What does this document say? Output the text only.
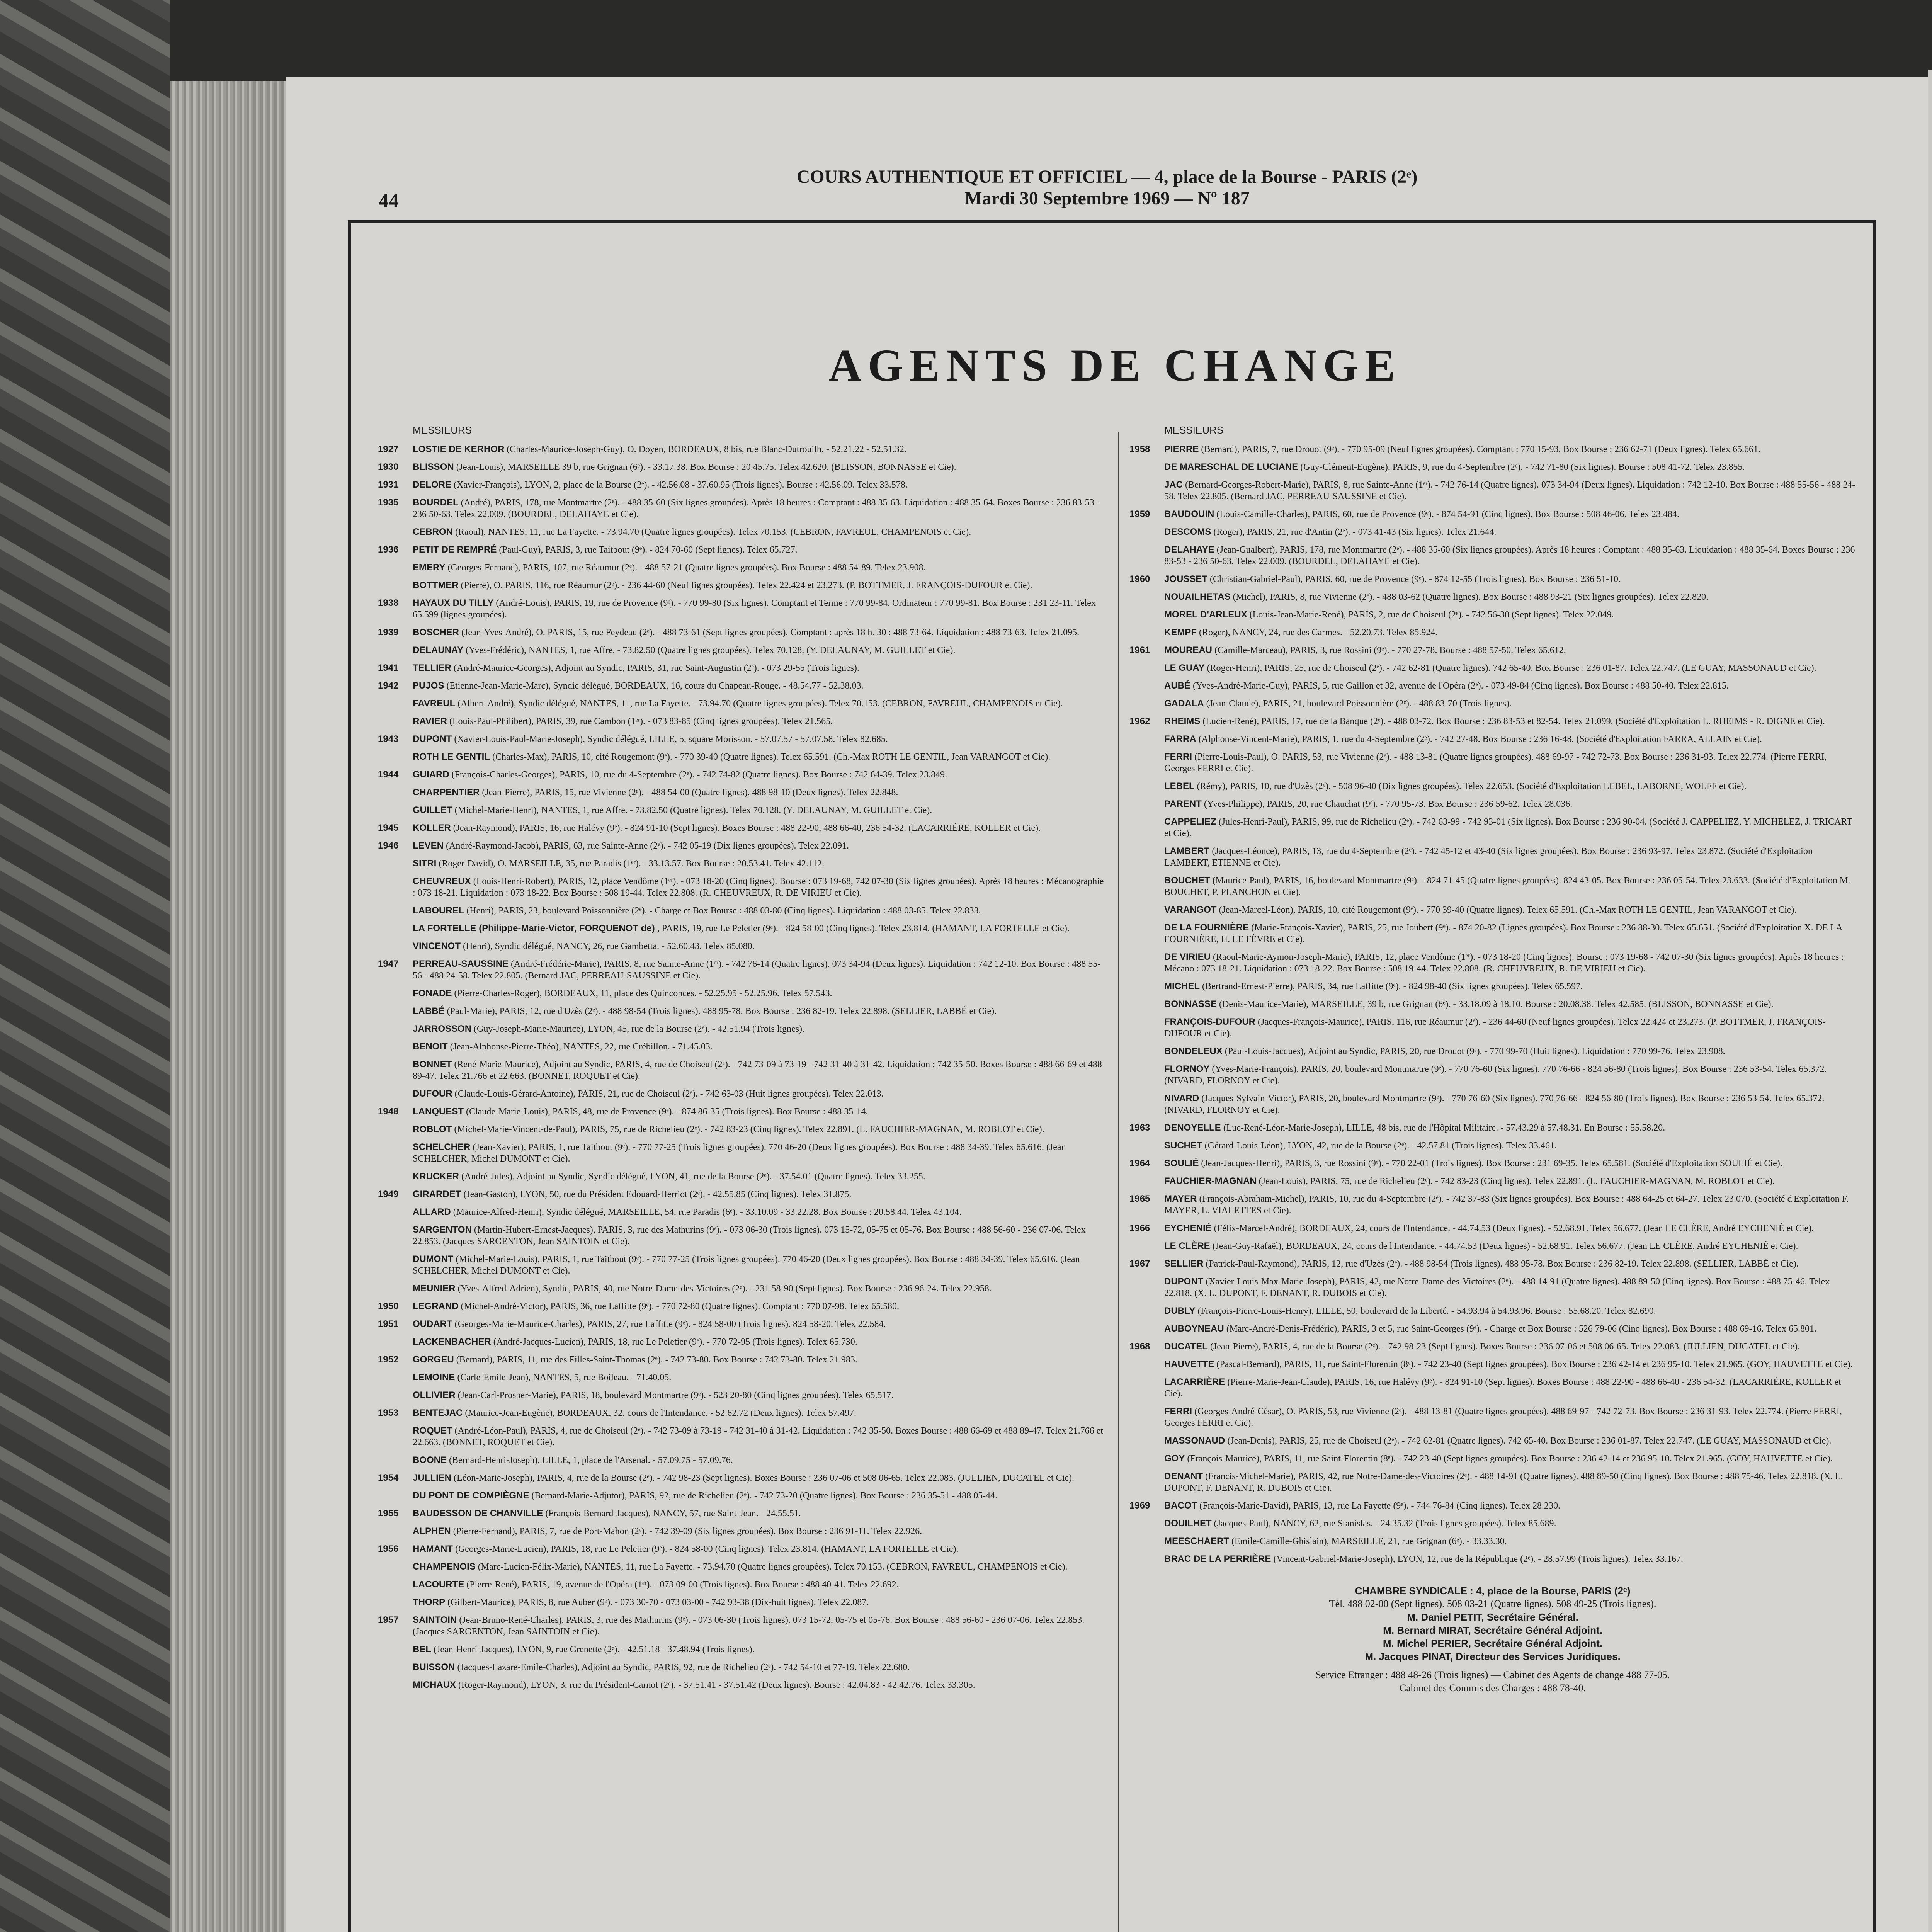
COURS AUTHENTIQUE ET OFFICIEL — 4, place de la Bourse - PARIS (2ᵉ)
Mardi 30 Septembre 1969 — Nº 187
44
AGENTS DE CHANGE
MESSIEURS
1927	LOSTIE DE KERHOR (Charles-Maurice-Joseph-Guy), O. Doyen, BORDEAUX, 8 bis, rue Blanc-Dutrouilh. - 52.21.22 - 52.51.32.
1930	BLISSON (Jean-Louis), MARSEILLE 39 b, rue Grignan (6ᵉ). - 33.17.38. Box Bourse : 20.45.75. Telex 42.620. (BLISSON, BONNASSE et Cie).
1931	DELORE (Xavier-François), LYON, 2, place de la Bourse (2ᵉ). - 42.56.08 - 37.60.95 (Trois lignes). Bourse : 42.56.09. Telex 33.578.
1935	BOURDEL (André), PARIS, 178, rue Montmartre (2ᵉ). - 488 35-60 (Six lignes groupées). Après 18 heures : Comptant : 488 35-63. Liquidation : 488 35-64. Boxes Bourse : 236 83-53 - 236 50-63. Telex 22.009. (BOURDEL, DELAHAYE et Cie).
CEBRON (Raoul), NANTES, 11, rue La Fayette. - 73.94.70 (Quatre lignes groupées). Telex 70.153. (CEBRON, FAVREUL, CHAMPENOIS et Cie).
1936	PETIT DE REMPRÉ (Paul-Guy), PARIS, 3, rue Taitbout (9ᵉ). - 824 70-60 (Sept lignes). Telex 65.727.
EMERY (Georges-Fernand), PARIS, 107, rue Réaumur (2ᵉ). - 488 57-21 (Quatre lignes groupées). Box Bourse : 488 54-89. Telex 23.908.
BOTTMER (Pierre), O. PARIS, 116, rue Réaumur (2ᵉ). - 236 44-60 (Neuf lignes groupées). Telex 22.424 et 23.273. (P. BOTTMER, J. FRANÇOIS-DUFOUR et Cie).
1938	HAYAUX DU TILLY (André-Louis), PARIS, 19, rue de Provence (9ᵉ). - 770 99-80 (Six lignes). Comptant et Terme : 770 99-84. Ordinateur : 770 99-81. Box Bourse : 231 23-11. Telex 65.599 (lignes groupées).
1939	BOSCHER (Jean-Yves-André), O. PARIS, 15, rue Feydeau (2ᵉ). - 488 73-61 (Sept lignes groupées). Comptant : après 18 h. 30 : 488 73-64. Liquidation : 488 73-63. Telex 21.095.
DELAUNAY (Yves-Frédéric), NANTES, 1, rue Affre. - 73.82.50 (Quatre lignes groupées). Telex 70.128. (Y. DELAUNAY, M. GUILLET et Cie).
1941	TELLIER (André-Maurice-Georges), Adjoint au Syndic, PARIS, 31, rue Saint-Augustin (2ᵉ). - 073 29-55 (Trois lignes).
1942	PUJOS (Etienne-Jean-Marie-Marc), Syndic délégué, BORDEAUX, 16, cours du Chapeau-Rouge. - 48.54.77 - 52.38.03.
FAVREUL (Albert-André), Syndic délégué, NANTES, 11, rue La Fayette. - 73.94.70 (Quatre lignes groupées). Telex 70.153. (CEBRON, FAVREUL, CHAMPENOIS et Cie).
RAVIER (Louis-Paul-Philibert), PARIS, 39, rue Cambon (1ᵉʳ). - 073 83-85 (Cinq lignes groupées). Telex 21.565.
1943	DUPONT (Xavier-Louis-Paul-Marie-Joseph), Syndic délégué, LILLE, 5, square Morisson. - 57.07.57 - 57.07.58. Telex 82.685.
ROTH LE GENTIL (Charles-Max), PARIS, 10, cité Rougemont (9ᵉ). - 770 39-40 (Quatre lignes). Telex 65.591. (Ch.-Max ROTH LE GENTIL, Jean VARANGOT et Cie).
1944	GUIARD (François-Charles-Georges), PARIS, 10, rue du 4-Septembre (2ᵉ). - 742 74-82 (Quatre lignes). Box Bourse : 742 64-39. Telex 23.849.
CHARPENTIER (Jean-Pierre), PARIS, 15, rue Vivienne (2ᵉ). - 488 54-00 (Quatre lignes). 488 98-10 (Deux lignes). Telex 22.848.
GUILLET (Michel-Marie-Henri), NANTES, 1, rue Affre. - 73.82.50 (Quatre lignes). Telex 70.128. (Y. DELAUNAY, M. GUILLET et Cie).
1945	KOLLER (Jean-Raymond), PARIS, 16, rue Halévy (9ᵉ). - 824 91-10 (Sept lignes). Boxes Bourse : 488 22-90, 488 66-40, 236 54-32. (LACARRIÈRE, KOLLER et Cie).
1946	LEVEN (André-Raymond-Jacob), PARIS, 63, rue Sainte-Anne (2ᵉ). - 742 05-19 (Dix lignes groupées). Telex 22.091.
SITRI (Roger-David), O. MARSEILLE, 35, rue Paradis (1ᵉʳ). - 33.13.57. Box Bourse : 20.53.41. Telex 42.112.
CHEUVREUX (Louis-Henri-Robert), PARIS, 12, place Vendôme (1ᵉʳ). - 073 18-20 (Cinq lignes). Bourse : 073 19-68, 742 07-30 (Six lignes groupées). Après 18 heures : Mécanographie : 073 18-21. Liquidation : 073 18-22. Box Bourse : 508 19-44. Telex 22.808. (R. CHEUVREUX, R. DE VIRIEU et Cie).
LABOUREL (Henri), PARIS, 23, boulevard Poissonnière (2ᵉ). - Charge et Box Bourse : 488 03-80 (Cinq lignes). Liquidation : 488 03-85. Telex 22.833.
LA FORTELLE (Philippe-Marie-Victor, FORQUENOT de) , PARIS, 19, rue Le Peletier (9ᵉ). - 824 58-00 (Cinq lignes). Telex 23.814. (HAMANT, LA FORTELLE et Cie).
VINCENOT (Henri), Syndic délégué, NANCY, 26, rue Gambetta. - 52.60.43. Telex 85.080.
1947	PERREAU-SAUSSINE (André-Frédéric-Marie), PARIS, 8, rue Sainte-Anne (1ᵉʳ). - 742 76-14 (Quatre lignes). 073 34-94 (Deux lignes). Liquidation : 742 12-10. Box Bourse : 488 55-56 - 488 24-58. Telex 22.805. (Bernard JAC, PERREAU-SAUSSINE et Cie).
FONADE (Pierre-Charles-Roger), BORDEAUX, 11, place des Quinconces. - 52.25.95 - 52.25.96. Telex 57.543.
LABBÉ (Paul-Marie), PARIS, 12, rue d'Uzès (2ᵉ). - 488 98-54 (Trois lignes). 488 95-78. Box Bourse : 236 82-19. Telex 22.898. (SELLIER, LABBÉ et Cie).
JARROSSON (Guy-Joseph-Marie-Maurice), LYON, 45, rue de la Bourse (2ᵉ). - 42.51.94 (Trois lignes).
BENOIT (Jean-Alphonse-Pierre-Théo), NANTES, 22, rue Crébillon. - 71.45.03.
BONNET (René-Marie-Maurice), Adjoint au Syndic, PARIS, 4, rue de Choiseul (2ᵉ). - 742 73-09 à 73-19 - 742 31-40 à 31-42. Liquidation : 742 35-50. Boxes Bourse : 488 66-69 et 488 89-47. Telex 21.766 et 22.663. (BONNET, ROQUET et Cie).
DUFOUR (Claude-Louis-Gérard-Antoine), PARIS, 21, rue de Choiseul (2ᵉ). - 742 63-03 (Huit lignes groupées). Telex 22.013.
1948	LANQUEST (Claude-Marie-Louis), PARIS, 48, rue de Provence (9ᵉ). - 874 86-35 (Trois lignes). Box Bourse : 488 35-14.
ROBLOT (Michel-Marie-Vincent-de-Paul), PARIS, 75, rue de Richelieu (2ᵉ). - 742 83-23 (Cinq lignes). Telex 22.891. (L. FAUCHIER-MAGNAN, M. ROBLOT et Cie).
SCHELCHER (Jean-Xavier), PARIS, 1, rue Taitbout (9ᵉ). - 770 77-25 (Trois lignes groupées). 770 46-20 (Deux lignes groupées). Box Bourse : 488 34-39. Telex 65.616. (Jean SCHELCHER, Michel DUMONT et Cie).
KRUCKER (André-Jules), Adjoint au Syndic, Syndic délégué, LYON, 41, rue de la Bourse (2ᵉ). - 37.54.01 (Quatre lignes). Telex 33.255.
1949	GIRARDET (Jean-Gaston), LYON, 50, rue du Président Edouard-Herriot (2ᵉ). - 42.55.85 (Cinq lignes). Telex 31.875.
ALLARD (Maurice-Alfred-Henri), Syndic délégué, MARSEILLE, 54, rue Paradis (6ᵉ). - 33.10.09 - 33.22.28. Box Bourse : 20.58.44. Telex 43.104.
SARGENTON (Martin-Hubert-Ernest-Jacques), PARIS, 3, rue des Mathurins (9ᵉ). - 073 06-30 (Trois lignes). 073 15-72, 05-75 et 05-76. Box Bourse : 488 56-60 - 236 07-06. Telex 22.853. (Jacques SARGENTON, Jean SAINTOIN et Cie).
DUMONT (Michel-Marie-Louis), PARIS, 1, rue Taitbout (9ᵉ). - 770 77-25 (Trois lignes groupées). 770 46-20 (Deux lignes groupées). Box Bourse : 488 34-39. Telex 65.616. (Jean SCHELCHER, Michel DUMONT et Cie).
MEUNIER (Yves-Alfred-Adrien), Syndic, PARIS, 40, rue Notre-Dame-des-Victoires (2ᵉ). - 231 58-90 (Sept lignes). Box Bourse : 236 96-24. Telex 22.958.
1950	LEGRAND (Michel-André-Victor), PARIS, 36, rue Laffitte (9ᵉ). - 770 72-80 (Quatre lignes). Comptant : 770 07-98. Telex 65.580.
1951	OUDART (Georges-Marie-Maurice-Charles), PARIS, 27, rue Laffitte (9ᵉ). - 824 58-00 (Trois lignes). 824 58-20. Telex 22.584.
LACKENBACHER (André-Jacques-Lucien), PARIS, 18, rue Le Peletier (9ᵉ). - 770 72-95 (Trois lignes). Telex 65.730.
1952	GORGEU (Bernard), PARIS, 11, rue des Filles-Saint-Thomas (2ᵉ). - 742 73-80. Box Bourse : 742 73-80. Telex 21.983.
LEMOINE (Carle-Emile-Jean), NANTES, 5, rue Boileau. - 71.40.05.
OLLIVIER (Jean-Carl-Prosper-Marie), PARIS, 18, boulevard Montmartre (9ᵉ). - 523 20-80 (Cinq lignes groupées). Telex 65.517.
1953	BENTEJAC (Maurice-Jean-Eugène), BORDEAUX, 32, cours de l'Intendance. - 52.62.72 (Deux lignes). Telex 57.497.
ROQUET (André-Léon-Paul), PARIS, 4, rue de Choiseul (2ᵉ). - 742 73-09 à 73-19 - 742 31-40 à 31-42. Liquidation : 742 35-50. Boxes Bourse : 488 66-69 et 488 89-47. Telex 21.766 et 22.663. (BONNET, ROQUET et Cie).
BOONE (Bernard-Henri-Joseph), LILLE, 1, place de l'Arsenal. - 57.09.75 - 57.09.76.
1954	JULLIEN (Léon-Marie-Joseph), PARIS, 4, rue de la Bourse (2ᵉ). - 742 98-23 (Sept lignes). Boxes Bourse : 236 07-06 et 508 06-65. Telex 22.083. (JULLIEN, DUCATEL et Cie).
DU PONT DE COMPIÈGNE (Bernard-Marie-Adjutor), PARIS, 92, rue de Richelieu (2ᵉ). - 742 73-20 (Quatre lignes). Box Bourse : 236 35-51 - 488 05-44.
1955	BAUDESSON DE CHANVILLE (François-Bernard-Jacques), NANCY, 57, rue Saint-Jean. - 24.55.51.
ALPHEN (Pierre-Fernand), PARIS, 7, rue de Port-Mahon (2ᵉ). - 742 39-09 (Six lignes groupées). Box Bourse : 236 91-11. Telex 22.926.
1956	HAMANT (Georges-Marie-Lucien), PARIS, 18, rue Le Peletier (9ᵉ). - 824 58-00 (Cinq lignes). Telex 23.814. (HAMANT, LA FORTELLE et Cie).
CHAMPENOIS (Marc-Lucien-Félix-Marie), NANTES, 11, rue La Fayette. - 73.94.70 (Quatre lignes groupées). Telex 70.153. (CEBRON, FAVREUL, CHAMPENOIS et Cie).
LACOURTE (Pierre-René), PARIS, 19, avenue de l'Opéra (1ᵉʳ). - 073 09-00 (Trois lignes). Box Bourse : 488 40-41. Telex 22.692.
THORP (Gilbert-Maurice), PARIS, 8, rue Auber (9ᵉ). - 073 30-70 - 073 03-00 - 742 93-38 (Dix-huit lignes). Telex 22.087.
1957	SAINTOIN (Jean-Bruno-René-Charles), PARIS, 3, rue des Mathurins (9ᵉ). - 073 06-30 (Trois lignes). 073 15-72, 05-75 et 05-76. Box Bourse : 488 56-60 - 236 07-06. Telex 22.853. (Jacques SARGENTON, Jean SAINTOIN et Cie).
BEL (Jean-Henri-Jacques), LYON, 9, rue Grenette (2ᵉ). - 42.51.18 - 37.48.94 (Trois lignes).
BUISSON (Jacques-Lazare-Emile-Charles), Adjoint au Syndic, PARIS, 92, rue de Richelieu (2ᵉ). - 742 54-10 et 77-19. Telex 22.680.
MICHAUX (Roger-Raymond), LYON, 3, rue du Président-Carnot (2ᵉ). - 37.51.41 - 37.51.42 (Deux lignes). Bourse : 42.04.83 - 42.42.76. Telex 33.305.
MESSIEURS
1958	PIERRE (Bernard), PARIS, 7, rue Drouot (9ᵉ). - 770 95-09 (Neuf lignes groupées). Comptant : 770 15-93. Box Bourse : 236 62-71 (Deux lignes). Telex 65.661.
DE MARESCHAL DE LUCIANE (Guy-Clément-Eugène), PARIS, 9, rue du 4-Septembre (2ᵉ). - 742 71-80 (Six lignes). Bourse : 508 41-72. Telex 23.855.
JAC (Bernard-Georges-Robert-Marie), PARIS, 8, rue Sainte-Anne (1ᵉʳ). - 742 76-14 (Quatre lignes). 073 34-94 (Deux lignes). Liquidation : 742 12-10. Box Bourse : 488 55-56 - 488 24-58. Telex 22.805. (Bernard JAC, PERREAU-SAUSSINE et Cie).
1959	BAUDOUIN (Louis-Camille-Charles), PARIS, 60, rue de Provence (9ᵉ). - 874 54-91 (Cinq lignes). Box Bourse : 508 46-06. Telex 23.484.
DESCOMS (Roger), PARIS, 21, rue d'Antin (2ᵉ). - 073 41-43 (Six lignes). Telex 21.644.
DELAHAYE (Jean-Gualbert), PARIS, 178, rue Montmartre (2ᵉ). - 488 35-60 (Six lignes groupées). Après 18 heures : Comptant : 488 35-63. Liquidation : 488 35-64. Boxes Bourse : 236 83-53 - 236 50-63. Telex 22.009. (BOURDEL, DELAHAYE et Cie).
1960	JOUSSET (Christian-Gabriel-Paul), PARIS, 60, rue de Provence (9ᵉ). - 874 12-55 (Trois lignes). Box Bourse : 236 51-10.
NOUAILHETAS (Michel), PARIS, 8, rue Vivienne (2ᵉ). - 488 03-62 (Quatre lignes). Box Bourse : 488 93-21 (Six lignes groupées). Telex 22.820.
MOREL D'ARLEUX (Louis-Jean-Marie-René), PARIS, 2, rue de Choiseul (2ᵉ). - 742 56-30 (Sept lignes). Telex 22.049.
KEMPF (Roger), NANCY, 24, rue des Carmes. - 52.20.73. Telex 85.924.
1961	MOUREAU (Camille-Marceau), PARIS, 3, rue Rossini (9ᵉ). - 770 27-78. Bourse : 488 57-50. Telex 65.612.
LE GUAY (Roger-Henri), PARIS, 25, rue de Choiseul (2ᵉ). - 742 62-81 (Quatre lignes). 742 65-40. Box Bourse : 236 01-87. Telex 22.747. (LE GUAY, MASSONAUD et Cie).
AUBÉ (Yves-André-Marie-Guy), PARIS, 5, rue Gaillon et 32, avenue de l'Opéra (2ᵉ). - 073 49-84 (Cinq lignes). Box Bourse : 488 50-40. Telex 22.815.
GADALA (Jean-Claude), PARIS, 21, boulevard Poissonnière (2ᵉ). - 488 83-70 (Trois lignes).
1962	RHEIMS (Lucien-René), PARIS, 17, rue de la Banque (2ᵉ). - 488 03-72. Box Bourse : 236 83-53 et 82-54. Telex 21.099. (Société d'Exploitation L. RHEIMS - R. DIGNE et Cie).
FARRA (Alphonse-Vincent-Marie), PARIS, 1, rue du 4-Septembre (2ᵉ). - 742 27-48. Box Bourse : 236 16-48. (Société d'Exploitation FARRA, ALLAIN et Cie).
FERRI (Pierre-Louis-Paul), O. PARIS, 53, rue Vivienne (2ᵉ). - 488 13-81 (Quatre lignes groupées). 488 69-97 - 742 72-73. Box Bourse : 236 31-93. Telex 22.774. (Pierre FERRI, Georges FERRI et Cie).
LEBEL (Rémy), PARIS, 10, rue d'Uzès (2ᵉ). - 508 96-40 (Dix lignes groupées). Telex 22.653. (Société d'Exploitation LEBEL, LABORNE, WOLFF et Cie).
PARENT (Yves-Philippe), PARIS, 20, rue Chauchat (9ᵉ). - 770 95-73. Box Bourse : 236 59-62. Telex 28.036.
CAPPELIEZ (Jules-Henri-Paul), PARIS, 99, rue de Richelieu (2ᵉ). - 742 63-99 - 742 93-01 (Six lignes). Box Bourse : 236 90-04. (Société J. CAPPELIEZ, Y. MICHELEZ, J. TRICART et Cie).
LAMBERT (Jacques-Léonce), PARIS, 13, rue du 4-Septembre (2ᵉ). - 742 45-12 et 43-40 (Six lignes groupées). Box Bourse : 236 93-97. Telex 23.872. (Société d'Exploitation LAMBERT, ETIENNE et Cie).
BOUCHET (Maurice-Paul), PARIS, 16, boulevard Montmartre (9ᵉ). - 824 71-45 (Quatre lignes groupées). 824 43-05. Box Bourse : 236 05-54. Telex 23.633. (Société d'Exploitation M. BOUCHET, P. PLANCHON et Cie).
VARANGOT (Jean-Marcel-Léon), PARIS, 10, cité Rougemont (9ᵉ). - 770 39-40 (Quatre lignes). Telex 65.591. (Ch.-Max ROTH LE GENTIL, Jean VARANGOT et Cie).
DE LA FOURNIÈRE (Marie-François-Xavier), PARIS, 25, rue Joubert (9ᵉ). - 874 20-82 (Lignes groupées). Box Bourse : 236 88-30. Telex 65.651. (Société d'Exploitation X. DE LA FOURNIÈRE, H. LE FÈVRE et Cie).
DE VIRIEU (Raoul-Marie-Aymon-Joseph-Marie), PARIS, 12, place Vendôme (1ᵉʳ). - 073 18-20 (Cinq lignes). Bourse : 073 19-68 - 742 07-30 (Six lignes groupées). Après 18 heures : Mécano : 073 18-21. Liquidation : 073 18-22. Box Bourse : 508 19-44. Telex 22.808. (R. CHEUVREUX, R. DE VIRIEU et Cie).
MICHEL (Bertrand-Ernest-Pierre), PARIS, 34, rue Laffitte (9ᵉ). - 824 98-40 (Six lignes groupées). Telex 65.597.
BONNASSE (Denis-Maurice-Marie), MARSEILLE, 39 b, rue Grignan (6ᵉ). - 33.18.09 à 18.10. Bourse : 20.08.38. Telex 42.585. (BLISSON, BONNASSE et Cie).
FRANÇOIS-DUFOUR (Jacques-François-Maurice), PARIS, 116, rue Réaumur (2ᵉ). - 236 44-60 (Neuf lignes groupées). Telex 22.424 et 23.273. (P. BOTTMER, J. FRANÇOIS-DUFOUR et Cie).
BONDELEUX (Paul-Louis-Jacques), Adjoint au Syndic, PARIS, 20, rue Drouot (9ᵉ). - 770 99-70 (Huit lignes). Liquidation : 770 99-76. Telex 23.908.
FLORNOY (Yves-Marie-François), PARIS, 20, boulevard Montmartre (9ᵉ). - 770 76-60 (Six lignes). 770 76-66 - 824 56-80 (Trois lignes). Box Bourse : 236 53-54. Telex 65.372. (NIVARD, FLORNOY et Cie).
NIVARD (Jacques-Sylvain-Victor), PARIS, 20, boulevard Montmartre (9ᵉ). - 770 76-60 (Six lignes). 770 76-66 - 824 56-80 (Trois lignes). Box Bourse : 236 53-54. Telex 65.372. (NIVARD, FLORNOY et Cie).
1963	DENOYELLE (Luc-René-Léon-Marie-Joseph), LILLE, 48 bis, rue de l'Hôpital Militaire. - 57.43.29 à 57.48.31. En Bourse : 55.58.20.
SUCHET (Gérard-Louis-Léon), LYON, 42, rue de la Bourse (2ᵉ). - 42.57.81 (Trois lignes). Telex 33.461.
1964	SOULIÉ (Jean-Jacques-Henri), PARIS, 3, rue Rossini (9ᵉ). - 770 22-01 (Trois lignes). Box Bourse : 231 69-35. Telex 65.581. (Société d'Exploitation SOULIÉ et Cie).
FAUCHIER-MAGNAN (Jean-Louis), PARIS, 75, rue de Richelieu (2ᵉ). - 742 83-23 (Cinq lignes). Telex 22.891. (L. FAUCHIER-MAGNAN, M. ROBLOT et Cie).
1965	MAYER (François-Abraham-Michel), PARIS, 10, rue du 4-Septembre (2ᵉ). - 742 37-83 (Six lignes groupées). Box Bourse : 488 64-25 et 64-27. Telex 23.070. (Société d'Exploitation F. MAYER, L. VIALETTES et Cie).
1966	EYCHENIÉ (Félix-Marcel-André), BORDEAUX, 24, cours de l'Intendance. - 44.74.53 (Deux lignes). - 52.68.91. Telex 56.677. (Jean LE CLÈRE, André EYCHENIÉ et Cie).
LE CLÈRE (Jean-Guy-Rafaël), BORDEAUX, 24, cours de l'Intendance. - 44.74.53 (Deux lignes) - 52.68.91. Telex 56.677. (Jean LE CLÈRE, André EYCHENIÉ et Cie).
1967	SELLIER (Patrick-Paul-Raymond), PARIS, 12, rue d'Uzès (2ᵉ). - 488 98-54 (Trois lignes). 488 95-78. Box Bourse : 236 82-19. Telex 22.898. (SELLIER, LABBÉ et Cie).
DUPONT (Xavier-Louis-Max-Marie-Joseph), PARIS, 42, rue Notre-Dame-des-Victoires (2ᵉ). - 488 14-91 (Quatre lignes). 488 89-50 (Cinq lignes). Box Bourse : 488 75-46. Telex 22.818. (X. L. DUPONT, F. DENANT, R. DUBOIS et Cie).
DUBLY (François-Pierre-Louis-Henry), LILLE, 50, boulevard de la Liberté. - 54.93.94 à 54.93.96. Bourse : 55.68.20. Telex 82.690.
AUBOYNEAU (Marc-André-Denis-Frédéric), PARIS, 3 et 5, rue Saint-Georges (9ᵉ). - Charge et Box Bourse : 526 79-06 (Cinq lignes). Box Bourse : 488 69-16. Telex 65.801.
1968	DUCATEL (Jean-Pierre), PARIS, 4, rue de la Bourse (2ᵉ). - 742 98-23 (Sept lignes). Boxes Bourse : 236 07-06 et 508 06-65. Telex 22.083. (JULLIEN, DUCATEL et Cie).
HAUVETTE (Pascal-Bernard), PARIS, 11, rue Saint-Florentin (8ᵉ). - 742 23-40 (Sept lignes groupées). Box Bourse : 236 42-14 et 236 95-10. Telex 21.965. (GOY, HAUVETTE et Cie).
LACARRIÈRE (Pierre-Marie-Jean-Claude), PARIS, 16, rue Halévy (9ᵉ). - 824 91-10 (Sept lignes). Boxes Bourse : 488 22-90 - 488 66-40 - 236 54-32. (LACARRIÈRE, KOLLER et Cie).
FERRI (Georges-André-César), O. PARIS, 53, rue Vivienne (2ᵉ). - 488 13-81 (Quatre lignes groupées). 488 69-97 - 742 72-73. Box Bourse : 236 31-93. Telex 22.774. (Pierre FERRI, Georges FERRI et Cie).
MASSONAUD (Jean-Denis), PARIS, 25, rue de Choiseul (2ᵉ). - 742 62-81 (Quatre lignes). 742 65-40. Box Bourse : 236 01-87. Telex 22.747. (LE GUAY, MASSONAUD et Cie).
GOY (François-Maurice), PARIS, 11, rue Saint-Florentin (8ᵉ). - 742 23-40 (Sept lignes groupées). Box Bourse : 236 42-14 et 236 95-10. Telex 21.965. (GOY, HAUVETTE et Cie).
DENANT (Francis-Michel-Marie), PARIS, 42, rue Notre-Dame-des-Victoires (2ᵉ). - 488 14-91 (Quatre lignes). 488 89-50 (Cinq lignes). Box Bourse : 488 75-46. Telex 22.818. (X. L. DUPONT, F. DENANT, R. DUBOIS et Cie).
1969	BACOT (François-Marie-David), PARIS, 13, rue La Fayette (9ᵉ). - 744 76-84 (Cinq lignes). Telex 28.230.
DOUILHET (Jacques-Paul), NANCY, 62, rue Stanislas. - 24.35.32 (Trois lignes groupées). Telex 85.689.
MEESCHAERT (Emile-Camille-Ghislain), MARSEILLE, 21, rue Grignan (6ᵉ). - 33.33.30.
BRAC DE LA PERRIÈRE (Vincent-Gabriel-Marie-Joseph), LYON, 12, rue de la République (2ᵉ). - 28.57.99 (Trois lignes). Telex 33.167.
CHAMBRE SYNDICALE : 4, place de la Bourse, PARIS (2ᵉ)
Tél. 488 02-00 (Sept lignes). 508 03-21 (Quatre lignes). 508 49-25 (Trois lignes).
M. Daniel PETIT, Secrétaire Général.
M. Bernard MIRAT, Secrétaire Général Adjoint.
M. Michel PERIER, Secrétaire Général Adjoint.
M. Jacques PINAT, Directeur des Services Juridiques.
Service Etranger : 488 48-26 (Trois lignes) — Cabinet des Agents de change 488 77-05.
Cabinet des Commis des Charges : 488 78-40.
